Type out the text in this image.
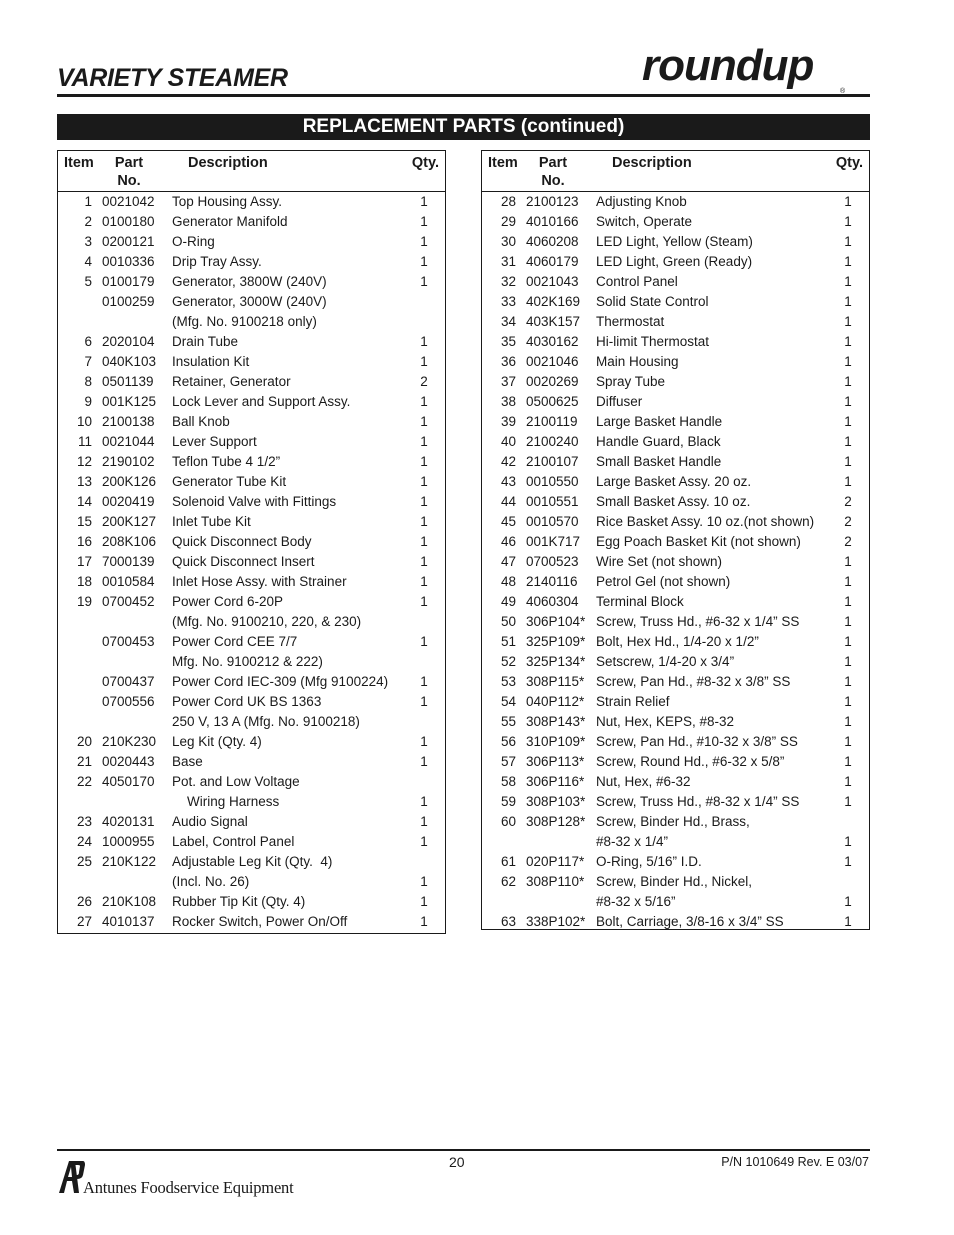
VARIETY STEAMER	roundup
®
REPLACEMENT PARTS (continued)
Item	Part No.
Description	Qty.
1 0021042 Top Housing Assy.	1
2 0100180 Generator Manifold	1
3 0200121 O-Ring	1
4 0010336 Drip Tray Assy.	1
5 0100179 Generator, 3800W (240V)	1
0100259 Generator, 3000W (240V)
(Mfg. No. 9100218 only)
6 2020104 Drain Tube	1
7 040K103 Insulation Kit	1
8 0501139 Retainer, Generator	2
9 001K125 Lock Lever and Support Assy.	1
10 2100138 Ball Knob	1
11 0021044 Lever Support	1
12 2190102 Teflon Tube 4 1/2”	1
13 200K126 Generator Tube Kit	1
14 0020419 Solenoid Valve with Fittings	1
15 200K127 Inlet Tube Kit	1
16 208K106 Quick Disconnect Body	1
17 7000139 Quick Disconnect Insert	1
18 0010584 Inlet Hose Assy. with Strainer	1
19 0700452 Power Cord 6-20P	1
(Mfg. No. 9100210, 220, & 230)
0700453 Power Cord CEE 7/7	1
Mfg. No. 9100212 & 222)
0700437 Power Cord IEC-309 (Mfg 9100224) 1
0700556 Power Cord UK BS 1363	1
250 V, 13 A (Mfg. No. 9100218)
20 210K230 Leg Kit (Qty. 4)	1
21 0020443 Base	1
22 4050170 Pot. and Low Voltage
Wiring Harness	1
23 4020131 Audio Signal	1
24 1000955 Label, Control Panel	1
25 210K122 Adjustable Leg Kit (Qty.  4)
(Incl. No. 26)	1
26 210K108 Rubber Tip Kit (Qty. 4)	1
27 4010137 Rocker Switch, Power On/Off	1
Item	Part No.
Description	Qty.
28 2100123 Adjusting Knob	1
29 4010166 Switch, Operate	1
30 4060208 LED Light, Yellow (Steam)	1
31 4060179 LED Light, Green (Ready)	1
32 0021043 Control Panel	1
33 402K169 Solid State Control	1
34 403K157 Thermostat	1
35 4030162 Hi-limit Thermostat	1
36 0021046 Main Housing	1
37 0020269 Spray Tube	1
38 0500625 Diffuser	1
39 2100119 Large Basket Handle	1
40 2100240 Handle Guard, Black	1
42 2100107 Small Basket Handle	1
43 0010550 Large Basket Assy. 20 oz.	1
44 0010551 Small Basket Assy. 10 oz.	2
45 0010570 Rice Basket Assy. 10 oz.(not shown) 2
46 001K717 Egg Poach Basket Kit (not shown)	2
47 0700523 Wire Set (not shown)	1
48 2140116 Petrol Gel (not shown)	1
49 4060304 Terminal Block	1
50 306P104* Screw, Truss Hd., #6-32 x 1/4” SS	1
51 325P109* Bolt, Hex Hd., 1/4-20 x 1/2”	1
52 325P134* Setscrew, 1/4-20 x 3/4”	1
53 308P115* Screw, Pan Hd., #8-32 x 3/8” SS	1
54 040P112* Strain Relief	1
55 308P143* Nut, Hex, KEPS, #8-32	1
56 310P109* Screw, Pan Hd., #10-32 x 3/8” SS	1
57 306P113* Screw, Round Hd., #6-32 x 5/8”	1
58 306P116* Nut, Hex, #6-32	1
59 308P103* Screw, Truss Hd., #8-32 x 1/4” SS	1
60 308P128* Screw, Binder Hd., Brass,
#8-32 x 1/4”	1
61 020P117* O-Ring, 5/16” I.D.	1
62 308P110* Screw, Binder Hd., Nickel,
#8-32 x 5/16”	1
63 338P102* Bolt, Carriage, 3/8-16 x 3/4” SS	1
Antunes Foodservice Equipment
20	P/N 1010649 Rev. E 03/07
